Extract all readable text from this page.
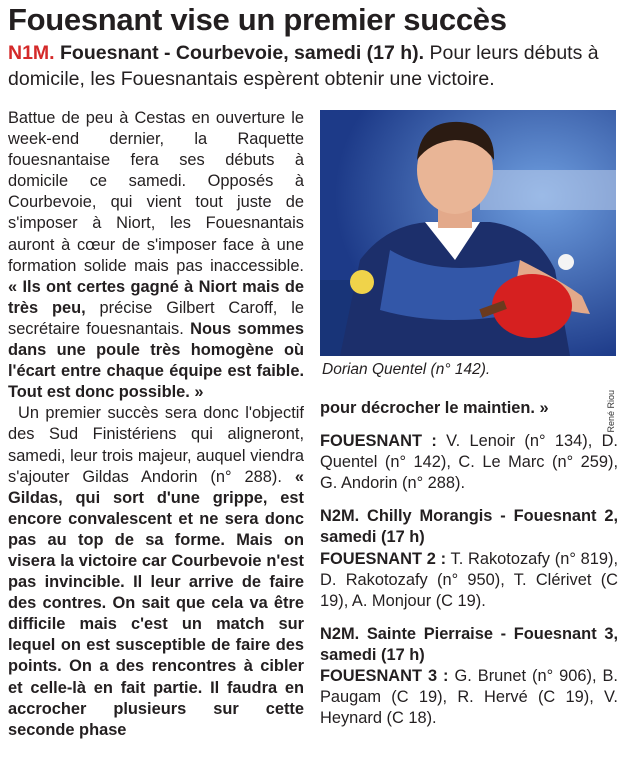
Fouesnant vise un premier succès
N1M. Fouesnant - Courbevoie, samedi (17 h). Pour leurs débuts à domicile, les Fouesnantais espèrent obtenir une victoire.

Battue de peu à Cestas en ouverture le week-end dernier, la Raquette fouesnantaise fera ses débuts à domicile ce samedi. Opposés à Courbevoie, qui vient tout juste de s'imposer à Niort, les Fouesnantais auront à cœur de s'imposer face à une formation solide mais pas inaccessible. « Ils ont certes gagné à Niort mais de très peu, précise Gilbert Caroff, le secrétaire fouesnantais. Nous sommes dans une poule très homogène où l'écart entre chaque équipe est faible. Tout est donc possible. »

Un premier succès sera donc l'objectif des Sud Finistériens qui aligneront, samedi, leur trois majeur, auquel viendra s'ajouter Gildas Andorin (n° 288). « Gildas, qui sort d'une grippe, est encore convalescent et ne sera donc pas au top de sa forme. Mais on visera la victoire car Courbevoie n'est pas invincible. Il leur arrive de faire des contres. On sait que cela va être difficile mais c'est un match sur lequel on est susceptible de faire des points. On a des rencontres à cibler et celle-là en fait partie. Il faudra en accrocher plusieurs sur cette seconde phase

René Riou
Dorian Quentel (n° 142).

pour décrocher le maintien. »

FOUESNANT : V. Lenoir (n° 134), D. Quentel (n° 142), C. Le Marc (n° 259), G. Andorin (n° 288).

N2M. Chilly Morangis - Fouesnant 2, samedi (17 h)

FOUESNANT 2 : T. Rakotozafy (n° 819), D. Rakotozafy (n° 950), T. Clérivet (C 19), A. Monjour (C 19).

N2M. Sainte Pierraise - Fouesnant 3, samedi (17 h)

FOUESNANT 3 : G. Brunet (n° 906), B. Paugam (C 19), R. Hervé (C 19), V. Heynard (C 18).
